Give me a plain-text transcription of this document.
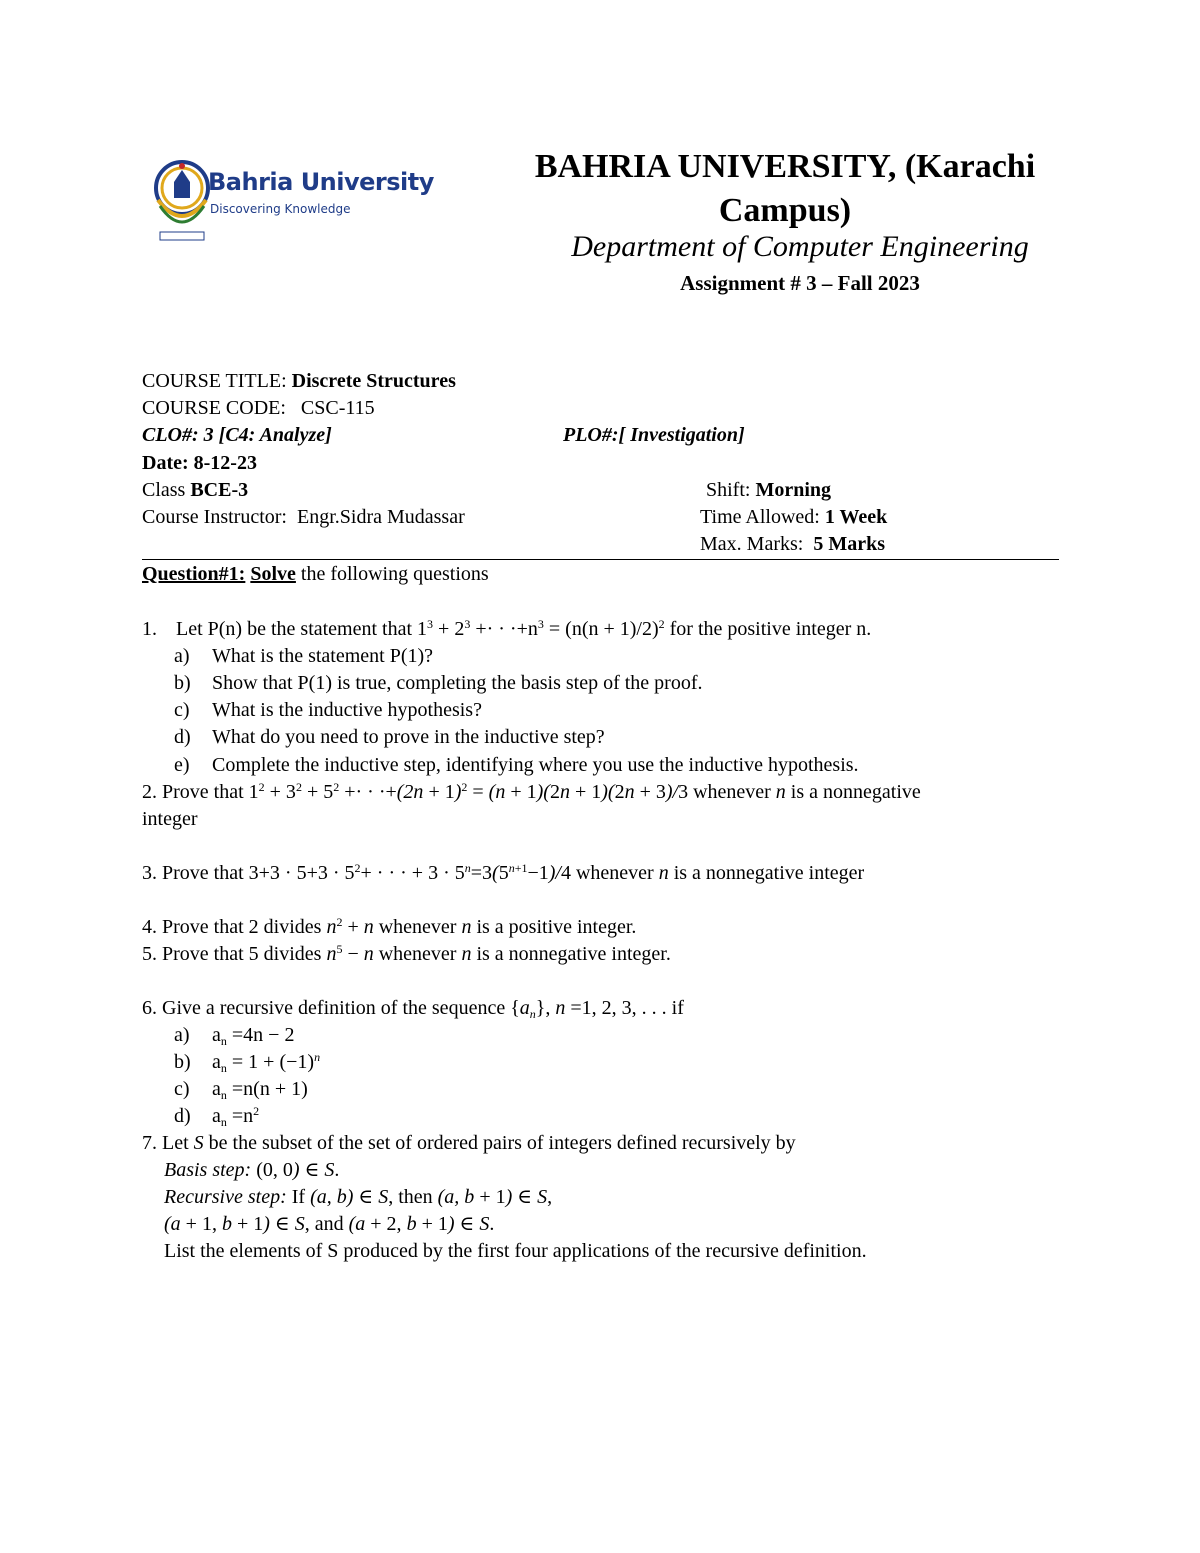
Bahria University
Discovering Knowledge
BAHRIA UNIVERSITY, (Karachi
Campus)
Department of Computer Engineering
Assignment # 3 – Fall 2023
COURSE TITLE: Discrete Structures
COURSE CODE: CSC-115
CLO#: 3 [C4: Analyze]	PLO#:[ Investigation]
Date: 8-12-23
Class BCE-3	Shift: Morning
Course Instructor: Engr.Sidra Mudassar	Time Allowed: 1 Week
Max. Marks: 5 Marks
Question#1: Solve the following questions
1. Let P(n) be the statement that $1^3 + 2^3$ +· · $\cdot+n^3 = (n(n + 1)/2)^2$ for the positive integer n.
a) What is the statement P(1)?
b) Show that P(1) is true, completing the basis step of the proof.
c) What is the inductive hypothesis?
d) What do you need to prove in the inductive step?
e) Complete the inductive step, identifying where you use the inductive hypothesis.
2. Prove that $1^2 + 3^2 + 5^2$ +· · $\cdot+(2n + 1)^2 = (n + 1)(2n + 1)(2n + 3)/3$ whenever n is a nonnegative
integer
3. Prove that $3+3 \cdot 5+3 \cdot 5^2+$ · · · + $3 \cdot 5^n=3(5^{n+1}-1)/4$ whenever n is a nonnegative integer
4. Prove that 2 divides $n^2 + n$ whenever n is a positive integer.
5. Prove that 5 divides $n^5 - n$ whenever n is a nonnegative integer.
6. Give a recursive definition of the sequence $\{a_n\}$, n =1, 2, 3, . . . if
a) $a_n =4n - 2$
b) $a_n = 1 + (-1)^n$
c) $a_n =n(n + 1)$
d) $a_n =n^2$
7. Let S be the subset of the set of ordered pairs of integers defined recursively by
Basis step: (0, 0) ∈ S.
Recursive step: If (a, b) ∈ S, then (a, b + 1) ∈ S,
(a + 1, b + 1) ∈ S, and (a + 2, b + 1) ∈ S.
List the elements of S produced by the first four applications of the recursive definition.
